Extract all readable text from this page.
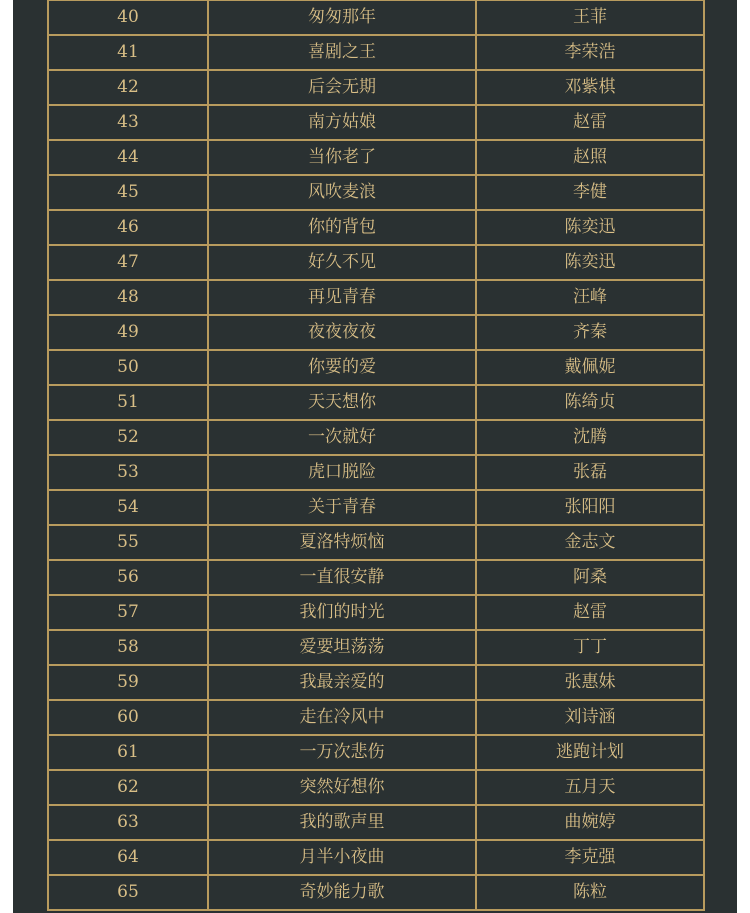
40	匆匆那年	王菲
41	喜剧之王	李荣浩
42	后会无期	邓紫棋
43	南方姑娘	赵雷
44	当你老了	赵照
45	风吹麦浪	李健
46	你的背包	陈奕迅
47	好久不见	陈奕迅
48	再见青春	汪峰
49	夜夜夜夜	齐秦
50	你要的爱	戴佩妮
51	天天想你	陈绮贞
52	一次就好	沈腾
53	虎口脱险	张磊
54	关于青春	张阳阳
55	夏洛特烦恼	金志文
56	一直很安静	阿桑
57	我们的时光	赵雷
58	爱要坦荡荡	丁丁
59	我最亲爱的	张惠妹
60	走在冷风中	刘诗涵
61	一万次悲伤	逃跑计划
62	突然好想你	五月天
63	我的歌声里	曲婉婷
64	月半小夜曲	李克强
65	奇妙能力歌	陈粒
